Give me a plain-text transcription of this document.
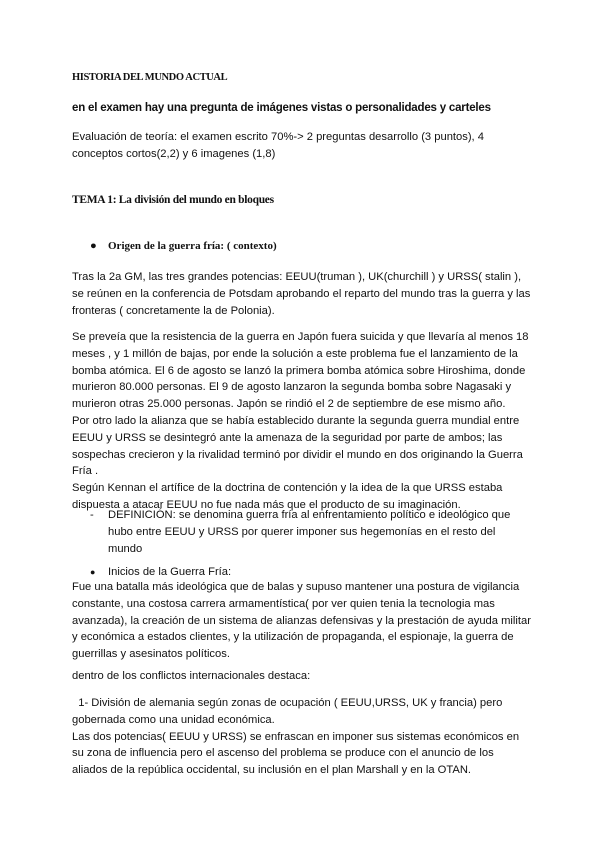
HISTORIA DEL MUNDO ACTUAL
en el examen hay una pregunta de imágenes vistas o personalidades y carteles
Evaluación de teoría: el examen escrito 70%-> 2 preguntas desarrollo (3 puntos), 4
conceptos cortos(2,2) y 6 imagenes (1,8)
TEMA 1: La división del mundo en bloques
● Origen de la guerra fría: ( contexto)
Tras la 2a GM, las tres grandes potencias: EEUU(truman ), UK(churchill ) y URSS( stalin ),
se reúnen en la conferencia de Potsdam aprobando el reparto del mundo tras la guerra y las
fronteras ( concretamente la de Polonia).
Se preveía que la resistencia de la guerra en Japón fuera suicida y que llevaría al menos 18
meses , y 1 millón de bajas, por ende la solución a este problema fue el lanzamiento de la
bomba atómica. El 6 de agosto se lanzó la primera bomba atómica sobre Hiroshima, donde
murieron 80.000 personas. El 9 de agosto lanzaron la segunda bomba sobre Nagasaki y
murieron otras 25.000 personas. Japón se rindió el 2 de septiembre de ese mismo año.
Por otro lado la alianza que se había establecido durante la segunda guerra mundial entre
EEUU y URSS se desintegró ante la amenaza de la seguridad por parte de ambos; las
sospechas crecieron y la rivalidad terminó por dividir el mundo en dos originando la Guerra
Fría .
Según Kennan el artífice de la doctrina de contención y la idea de la que URSS estaba
dispuesta a atacar EEUU no fue nada más que el producto de su imaginación.
- DEFINICIÓN: se denomina guerra fría al enfrentamiento político e ideológico que
hubo entre EEUU y URSS por querer imponer sus hegemonías en el resto del
mundo
● Inicios de la Guerra Fría:
Fue una batalla más ideológica que de balas y supuso mantener una postura de vigilancia
constante, una costosa carrera armamentística( por ver quien tenia la tecnologia mas
avanzada), la creación de un sistema de alianzas defensivas y la prestación de ayuda militar
y económica a estados clientes, y la utilización de propaganda, el espionaje, la guerra de
guerrillas y asesinatos políticos.
dentro de los conflictos internacionales destaca:
1- División de alemania según zonas de ocupación ( EEUU,URSS, UK y francia) pero
gobernada como una unidad económica.
Las dos potencias( EEUU y URSS) se enfrascan en imponer sus sistemas económicos en
su zona de influencia pero el ascenso del problema se produce con el anuncio de los
aliados de la república occidental, su inclusión en el plan Marshall y en la OTAN.
